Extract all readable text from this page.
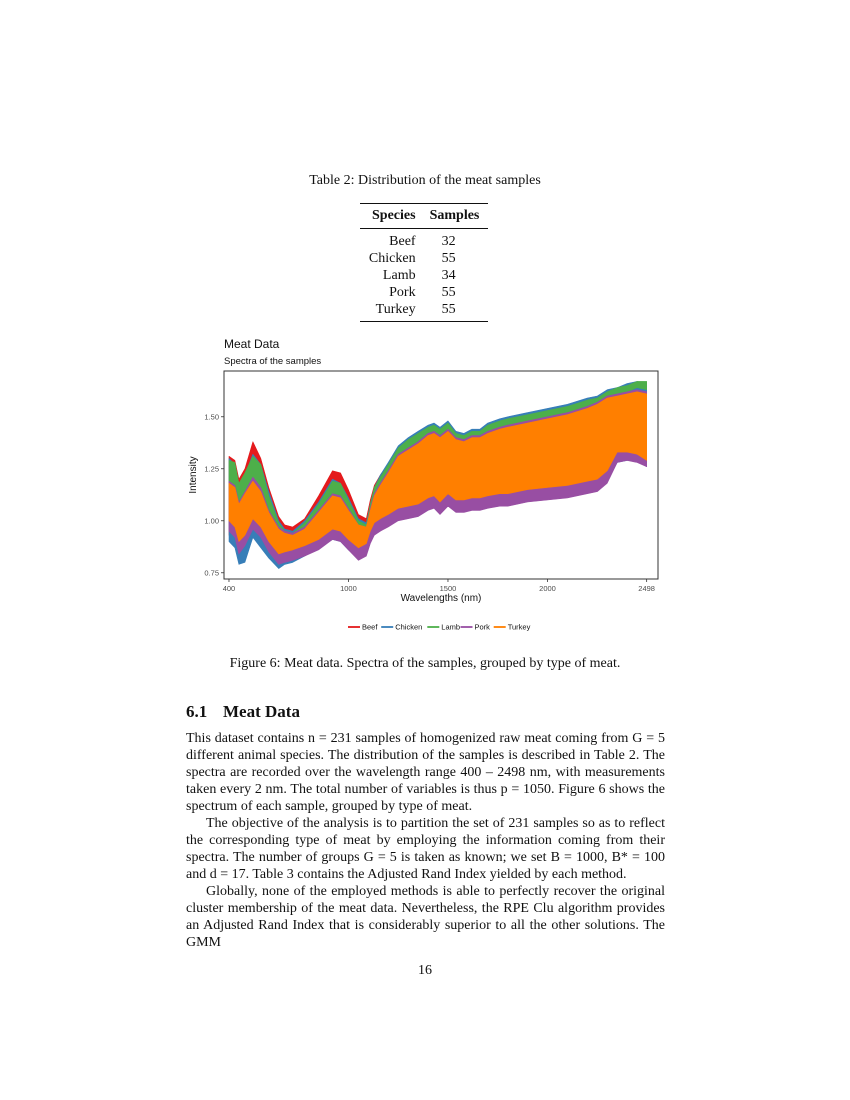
Table 2: Distribution of the meat samples
Species	Samples
Beef	32
Chicken	55
Lamb	34
Pork	55
Turkey	55
Meat Data
Spectra of the samples
400	1000	1500	2000	2498
0.75
1.00
1.25
1.50
Wavelengths (nm)
Intensity
Beef Chicken	Lamb Pork Turkey
Figure 6: Meat data. Spectra of the samples, grouped by type of meat.
6.1 Meat Data

This dataset contains n = 231 samples of homogenized raw meat coming from G = 5 different animal species. The distribution of the samples is described in Table 2. The spectra are recorded over the wavelength range 400 – 2498 nm, with measurements taken every 2 nm. The total number of variables is thus p = 1050. Figure 6 shows the spectrum of each sample, grouped by type of meat.

The objective of the analysis is to partition the set of 231 samples so as to reflect the corresponding type of meat by employing the information coming from their spectra. The number of groups G = 5 is taken as known; we set B = 1000, B* = 100 and d = 17. Table 3 contains the Adjusted Rand Index yielded by each method.

Globally, none of the employed methods is able to perfectly recover the original cluster membership of the meat data. Nevertheless, the RPE Clu algorithm provides an Adjusted Rand Index that is considerably superior to all the other solutions. The GMM

16
